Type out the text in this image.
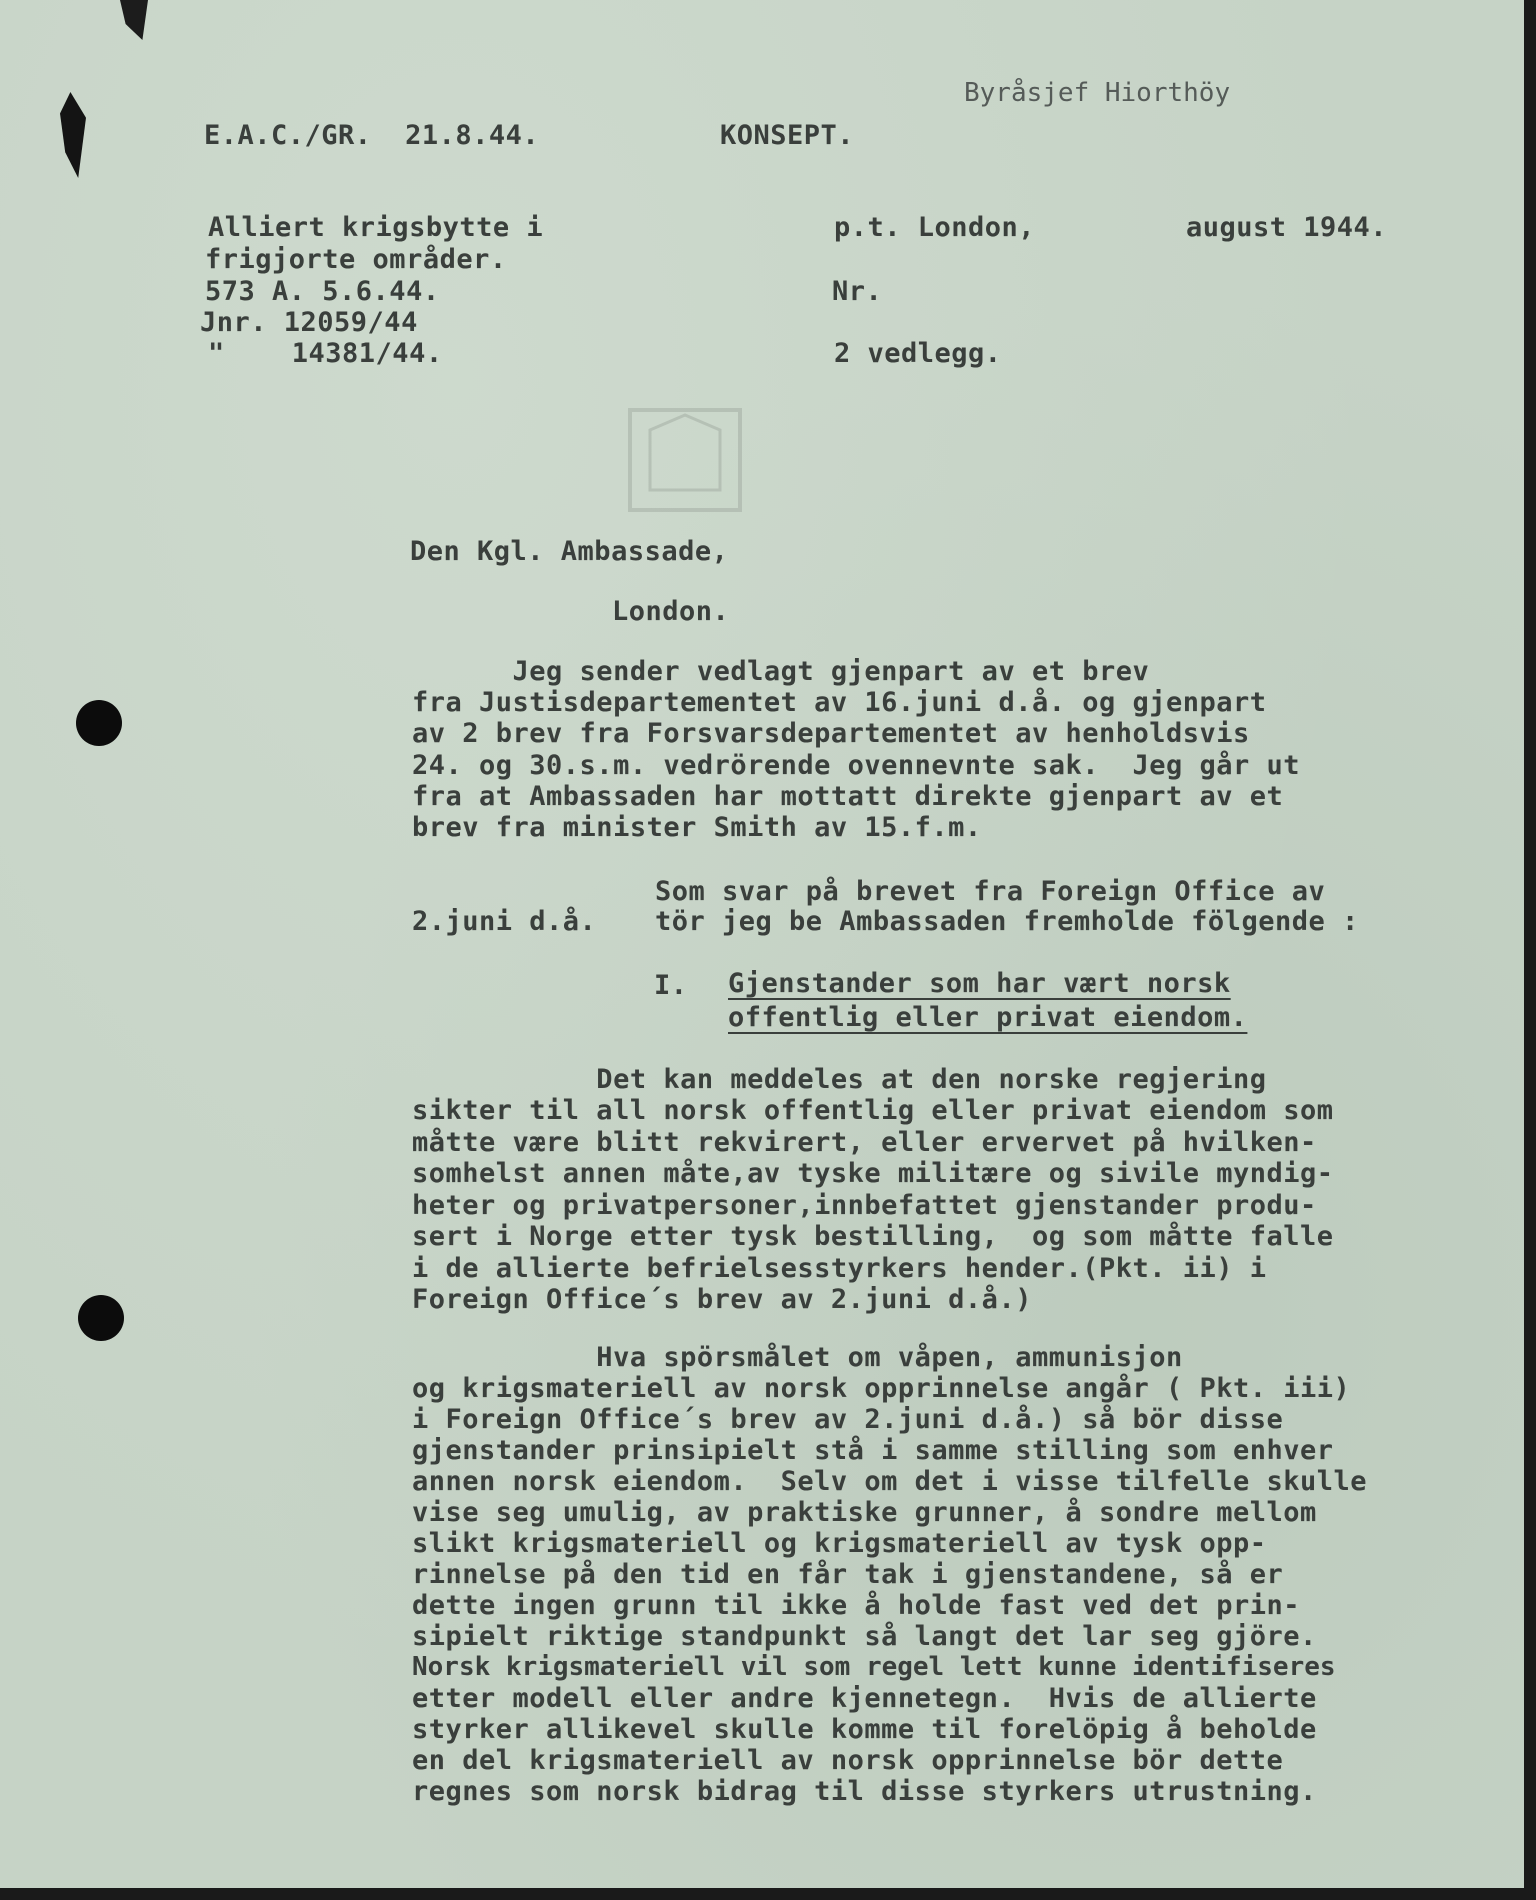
Byråsjef Hiorthöy
E.A.C./GR.  21.8.44.	KONSEPT.
Alliert krigsbytte i
frigjorte områder.
573 A. 5.6.44.
Jnr. 12059/44
"    14381/44.
p.t. London,	august 1944.
Nr.
2 vedlegg.
Den Kgl. Ambassade,
London.
Jeg sender vedlagt gjenpart av et brev
fra Justisdepartementet av 16.juni d.å. og gjenpart
av 2 brev fra Forsvarsdepartementet av henholdsvis
24. og 30.s.m. vedrörende ovennevnte sak.  Jeg går ut
fra at Ambassaden har mottatt direkte gjenpart av et
brev fra minister Smith av 15.f.m.
Som svar på brevet fra Foreign Office av
2.juni d.å. tör jeg be Ambassaden fremholde fölgende :
I. Gjenstander som har vært norsk
offentlig eller privat eiendom.
Det kan meddeles at den norske regjering
sikter til all norsk offentlig eller privat eiendom som
måtte være blitt rekvirert, eller ervervet på hvilken-
somhelst annen måte,av tyske militære og sivile myndig-
heter og privatpersoner,innbefattet gjenstander produ-
sert i Norge etter tysk bestilling,  og som måtte falle
i de allierte befrielsesstyrkers hender.(Pkt. ii) i
Foreign Office´s brev av 2.juni d.å.)
Hva spörsmålet om våpen, ammunisjon
og krigsmateriell av norsk opprinnelse angår ( Pkt. iii)
i Foreign Office´s brev av 2.juni d.å.) så bör disse
gjenstander prinsipielt stå i samme stilling som enhver
annen norsk eiendom.  Selv om det i visse tilfelle skulle
vise seg umulig, av praktiske grunner, å sondre mellom
slikt krigsmateriell og krigsmateriell av tysk opp-
rinnelse på den tid en får tak i gjenstandene, så er
dette ingen grunn til ikke å holde fast ved det prin-
sipielt riktige standpunkt så langt det lar seg gjöre.
Norsk krigsmateriell vil som regel lett kunne identifiseres
etter modell eller andre kjennetegn.  Hvis de allierte
styrker allikevel skulle komme til forelöpig å beholde
en del krigsmateriell av norsk opprinnelse bör dette
regnes som norsk bidrag til disse styrkers utrustning.
